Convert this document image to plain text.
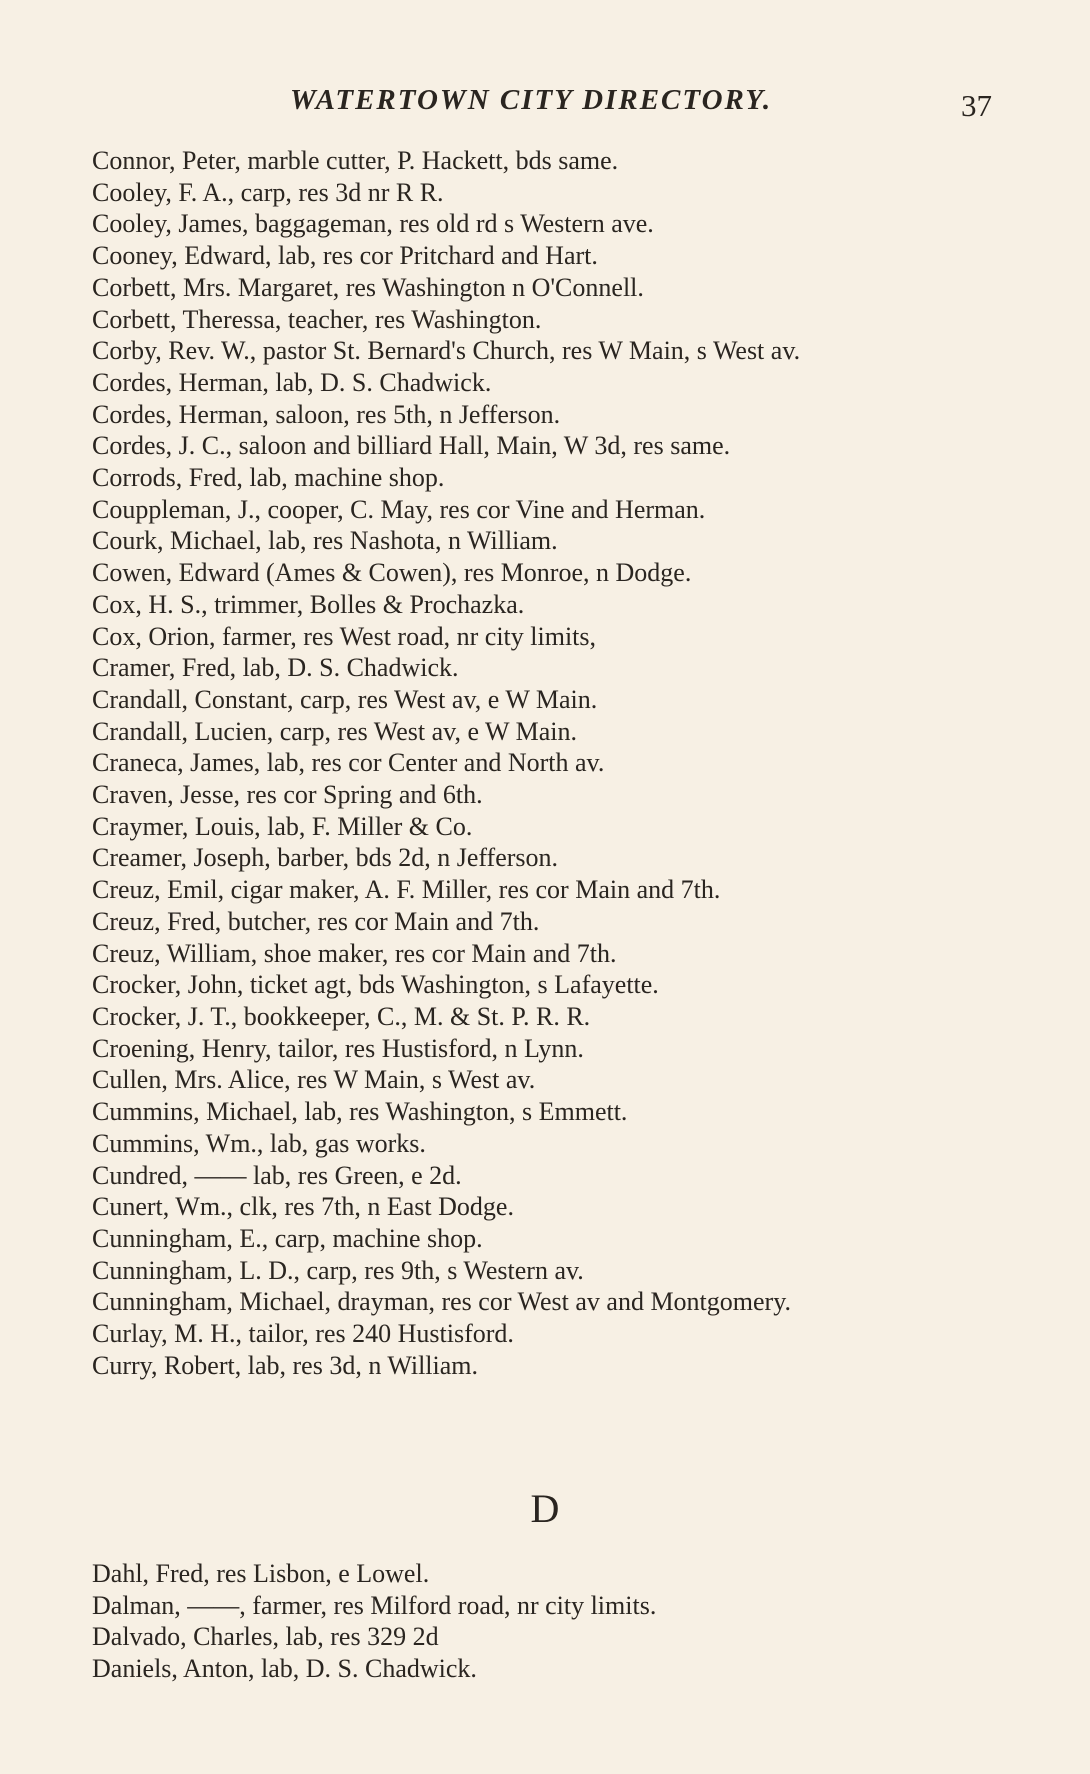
WATERTOWN CITY DIRECTORY.	37
Connor, Peter, marble cutter, P. Hackett, bds same.
Cooley, F. A., carp, res 3d nr R R.
Cooley, James, baggageman, res old rd s Western ave.
Cooney, Edward, lab, res cor Pritchard and Hart.
Corbett, Mrs. Margaret, res Washington n O'Connell.
Corbett, Theressa, teacher, res Washington.
Corby, Rev. W., pastor St. Bernard's Church, res W Main, s West av.
Cordes, Herman, lab, D. S. Chadwick.
Cordes, Herman, saloon, res 5th, n Jefferson.
Cordes, J. C., saloon and billiard Hall, Main, W 3d, res same.
Corrods, Fred, lab, machine shop.
Couppleman, J., cooper, C. May, res cor Vine and Herman.
Courk, Michael, lab, res Nashota, n William.
Cowen, Edward (Ames & Cowen), res Monroe, n Dodge.
Cox, H. S., trimmer, Bolles & Prochazka.
Cox, Orion, farmer, res West road, nr city limits,
Cramer, Fred, lab, D. S. Chadwick.
Crandall, Constant, carp, res West av, e W Main.
Crandall, Lucien, carp, res West av, e W Main.
Craneca, James, lab, res cor Center and North av.
Craven, Jesse, res cor Spring and 6th.
Craymer, Louis, lab, F. Miller & Co.
Creamer, Joseph, barber, bds 2d, n Jefferson.
Creuz, Emil, cigar maker, A. F. Miller, res cor Main and 7th.
Creuz, Fred, butcher, res cor Main and 7th.
Creuz, William, shoe maker, res cor Main and 7th.
Crocker, John, ticket agt, bds Washington, s Lafayette.
Crocker, J. T., bookkeeper, C., M. & St. P. R. R.
Croening, Henry, tailor, res Hustisford, n Lynn.
Cullen, Mrs. Alice, res W Main, s West av.
Cummins, Michael, lab, res Washington, s Emmett.
Cummins, Wm., lab, gas works.
Cundred, —— lab, res Green, e 2d.
Cunert, Wm., clk, res 7th, n East Dodge.
Cunningham, E., carp, machine shop.
Cunningham, L. D., carp, res 9th, s Western av.
Cunningham, Michael, drayman, res cor West av and Montgomery.
Curlay, M. H., tailor, res 240 Hustisford.
Curry, Robert, lab, res 3d, n William.
D
Dahl, Fred, res Lisbon, e Lowel.
Dalman, ——, farmer, res Milford road, nr city limits.
Dalvado, Charles, lab, res 329 2d
Daniels, Anton, lab, D. S. Chadwick.
